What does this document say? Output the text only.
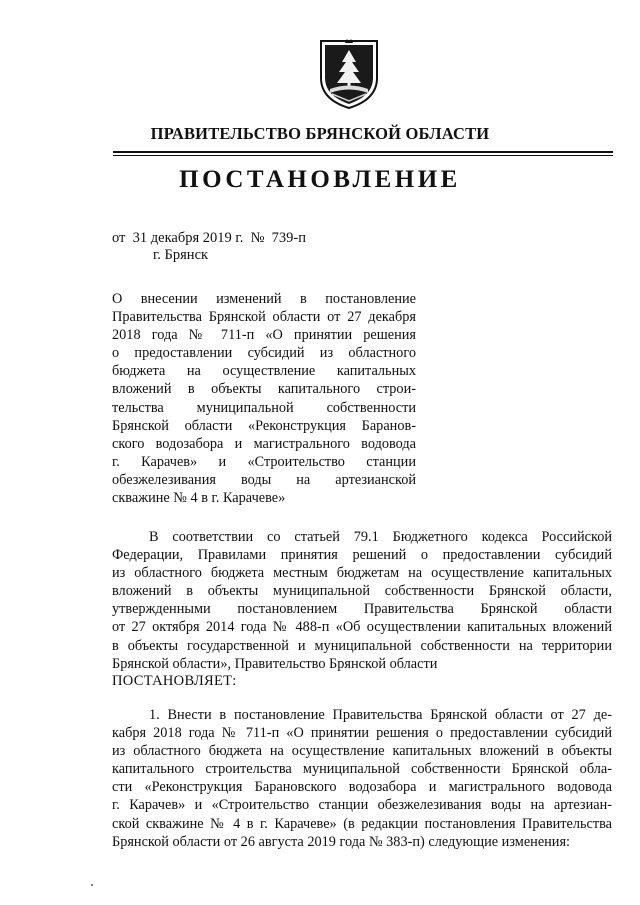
ПРАВИТЕЛЬСТВО БРЯНСКОЙ ОБЛАСТИ
ПОСТАНОВЛЕНИЕ
от  31 декабря 2019 г.  №  739-п
г. Брянск
О внесении изменений в постановление
Правительства Брянской области от 27 декабря
2018 года № 711-п «О принятии решения
о предоставлении субсидий из областного
бюджета на осуществление капитальных
вложений в объекты капитального строи-
тельства муниципальной собственности
Брянской области «Реконструкция Баранов-
ского водозабора и магистрального водовода
г. Карачев» и «Строительство станции
обезжелезивания воды на артезианской
скважине № 4 в г. Карачеве»
В соответствии со статьей 79.1 Бюджетного кодекса Российской
Федерации, Правилами принятия решений о предоставлении субсидий
из областного бюджета местным бюджетам на осуществление капитальных
вложений в объекты муниципальной собственности Брянской области,
утвержденными постановлением Правительства Брянской области
от 27 октября 2014 года № 488-п «Об осуществлении капитальных вложений
в объекты государственной и муниципальной собственности на территории
Брянской области», Правительство Брянской области
ПОСТАНОВЛЯЕТ:
1. Внести в постановление Правительства Брянской области от 27 де-
кабря 2018 года № 711-п «О принятии решения о предоставлении субсидий
из областного бюджета на осуществление капитальных вложений в объекты
капитального строительства муниципальной собственности Брянской обла-
сти «Реконструкция Барановского водозабора и магистрального водовода
г. Карачев» и «Строительство станции обезжелезивания воды на артезиан-
ской скважине № 4 в г. Карачеве» (в редакции постановления Правительства
Брянской области от 26 августа 2019 года № 383-п) следующие изменения:
